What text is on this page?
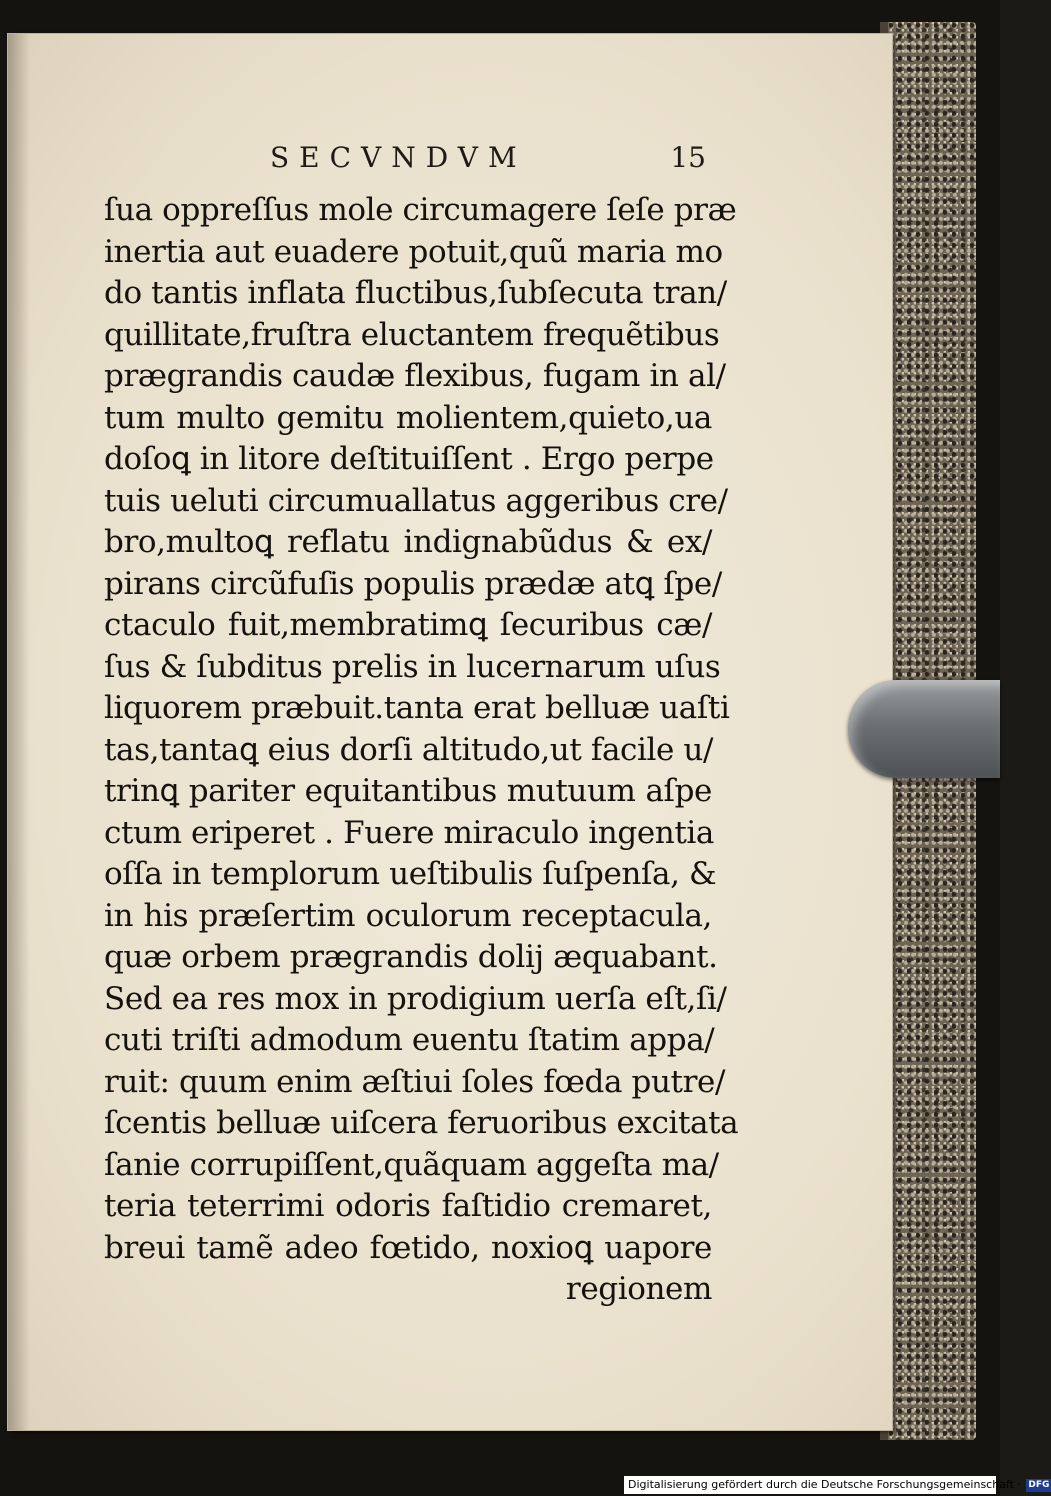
SECVNDVM	15
ſua oppreſſus mole circumagere ſeſe præ
inertia aut euadere potuit,quũ maria mo
do tantis inflata fluctibus,ſubſecuta tran/
quillitate,fruſtra eluctantem frequẽtibus
prægrandis caudæ flexibus, fugam in al/
tum multo gemitu molientem,quieto,ua
doſoꝗ in litore deſtituiſſent . Ergo perpe
tuis ueluti circumuallatus aggeribus cre/
bro,multoꝗ reflatu indignabũdus & ex/
pirans circũfuſis populis prædæ atꝗ ſpe/
ctaculo fuit,membratimꝗ ſecuribus cæ/
ſus & ſubditus prelis in lucernarum uſus
liquorem præbuit.tanta erat belluæ uaſti
tas,tantaꝗ eius dorſi altitudo,ut facile u/
trinꝗ pariter equitantibus mutuum aſpe
ctum eriperet . Fuere miraculo ingentia
oſſa in templorum ueſtibulis ſuſpenſa, &
in his præſertim oculorum receptacula,
quæ orbem prægrandis dolij æquabant.
Sed ea res mox in prodigium uerſa eſt,ſi/
cuti triſti admodum euentu ſtatim appa/
ruit: quum enim æſtiui ſoles fœda putre/
ſcentis belluæ uiſcera feruoribus excitata
ſanie corrupiſſent,quãquam aggeſta ma/
teria teterrimi odoris faſtidio cremaret,
breui tamẽ adeo fœtido, noxioꝗ uapore
regionem
Digitalisierung gefördert durch die Deutsche Forschungsgemeinschaft · DFG
